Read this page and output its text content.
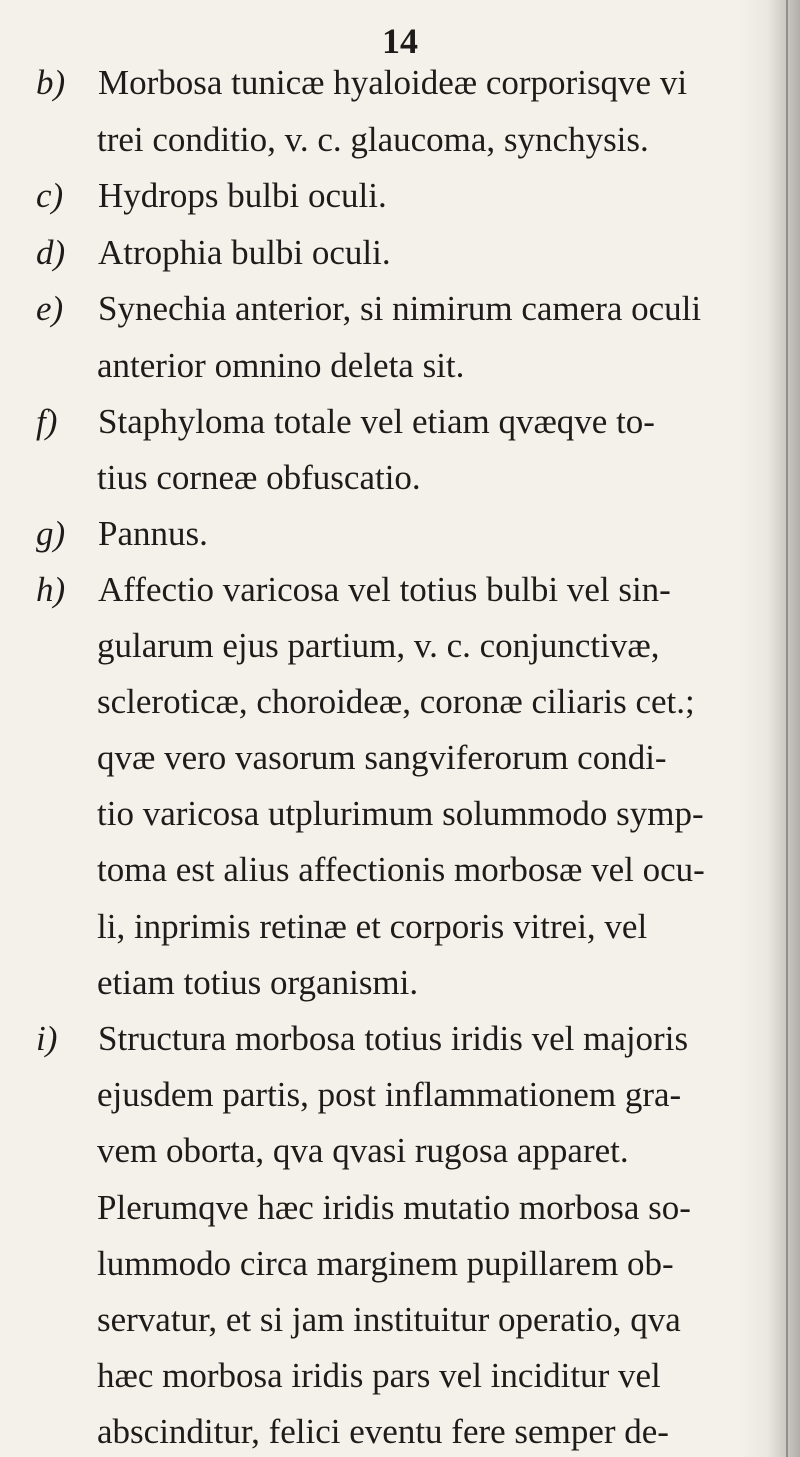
14
b) Morbosa tunicæ hyaloideæ corporisqve vi
trei conditio, v. c. glaucoma, synchysis.
c) Hydrops bulbi oculi.
d) Atrophia bulbi oculi.
e) Synechia anterior, si nimirum camera oculi
anterior omnino deleta sit.
f) Staphyloma totale vel etiam qvæqve to-
tius corneæ obfuscatio.
g) Pannus.
h) Affectio varicosa vel totius bulbi vel sin-
gularum ejus partium, v. c. conjunctivæ,
scleroticæ, choroideæ, coronæ ciliaris cet.;
qvæ vero vasorum sangviferorum condi-
tio varicosa utplurimum solummodo symp-
toma est alius affectionis morbosæ vel ocu-
li, inprimis retinæ et corporis vitrei, vel
etiam totius organismi.
i) Structura morbosa totius iridis vel majoris
ejusdem partis, post inflammationem gra-
vem oborta, qva qvasi rugosa apparet.
Plerumqve hæc iridis mutatio morbosa so-
lummodo circa marginem pupillarem ob-
servatur, et si jam instituitur operatio, qva
hæc morbosa iridis pars vel inciditur vel
abscinditur, felici eventu fere semper de-
